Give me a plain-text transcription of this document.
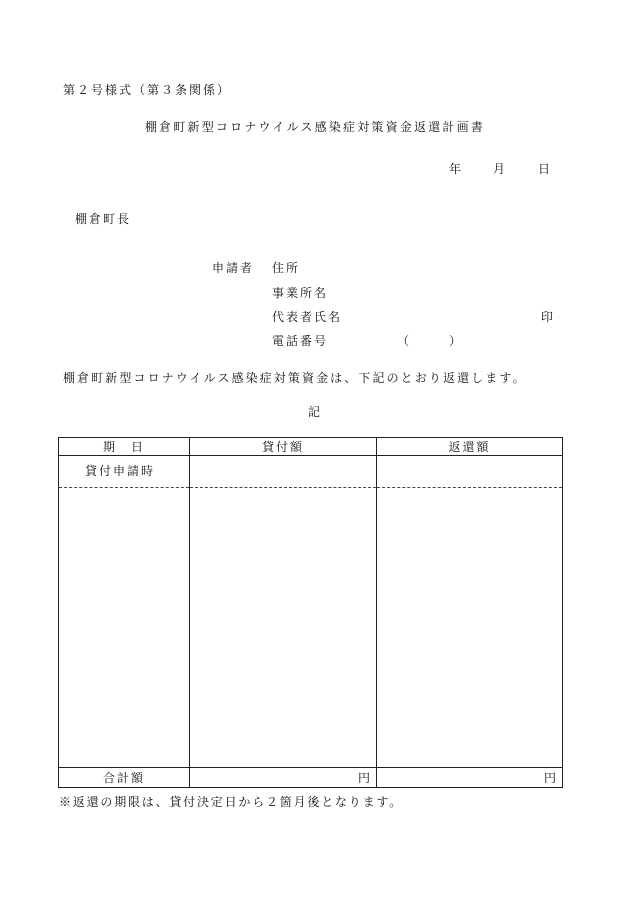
第２号様式（第３条関係）
棚倉町新型コロナウイルス感染症対策資金返還計画書
年 月	日
棚倉町長
申請者 住所
事業所名
代表者氏名	印
電話番号	（	）
棚倉町新型コロナウイルス感染症対策資金は、下記のとおり返還します。
記
期　日	貸付額	返還額
貸付申請時		

合計額	円	円
※返還の期限は、貸付決定日から２箇月後となります。
